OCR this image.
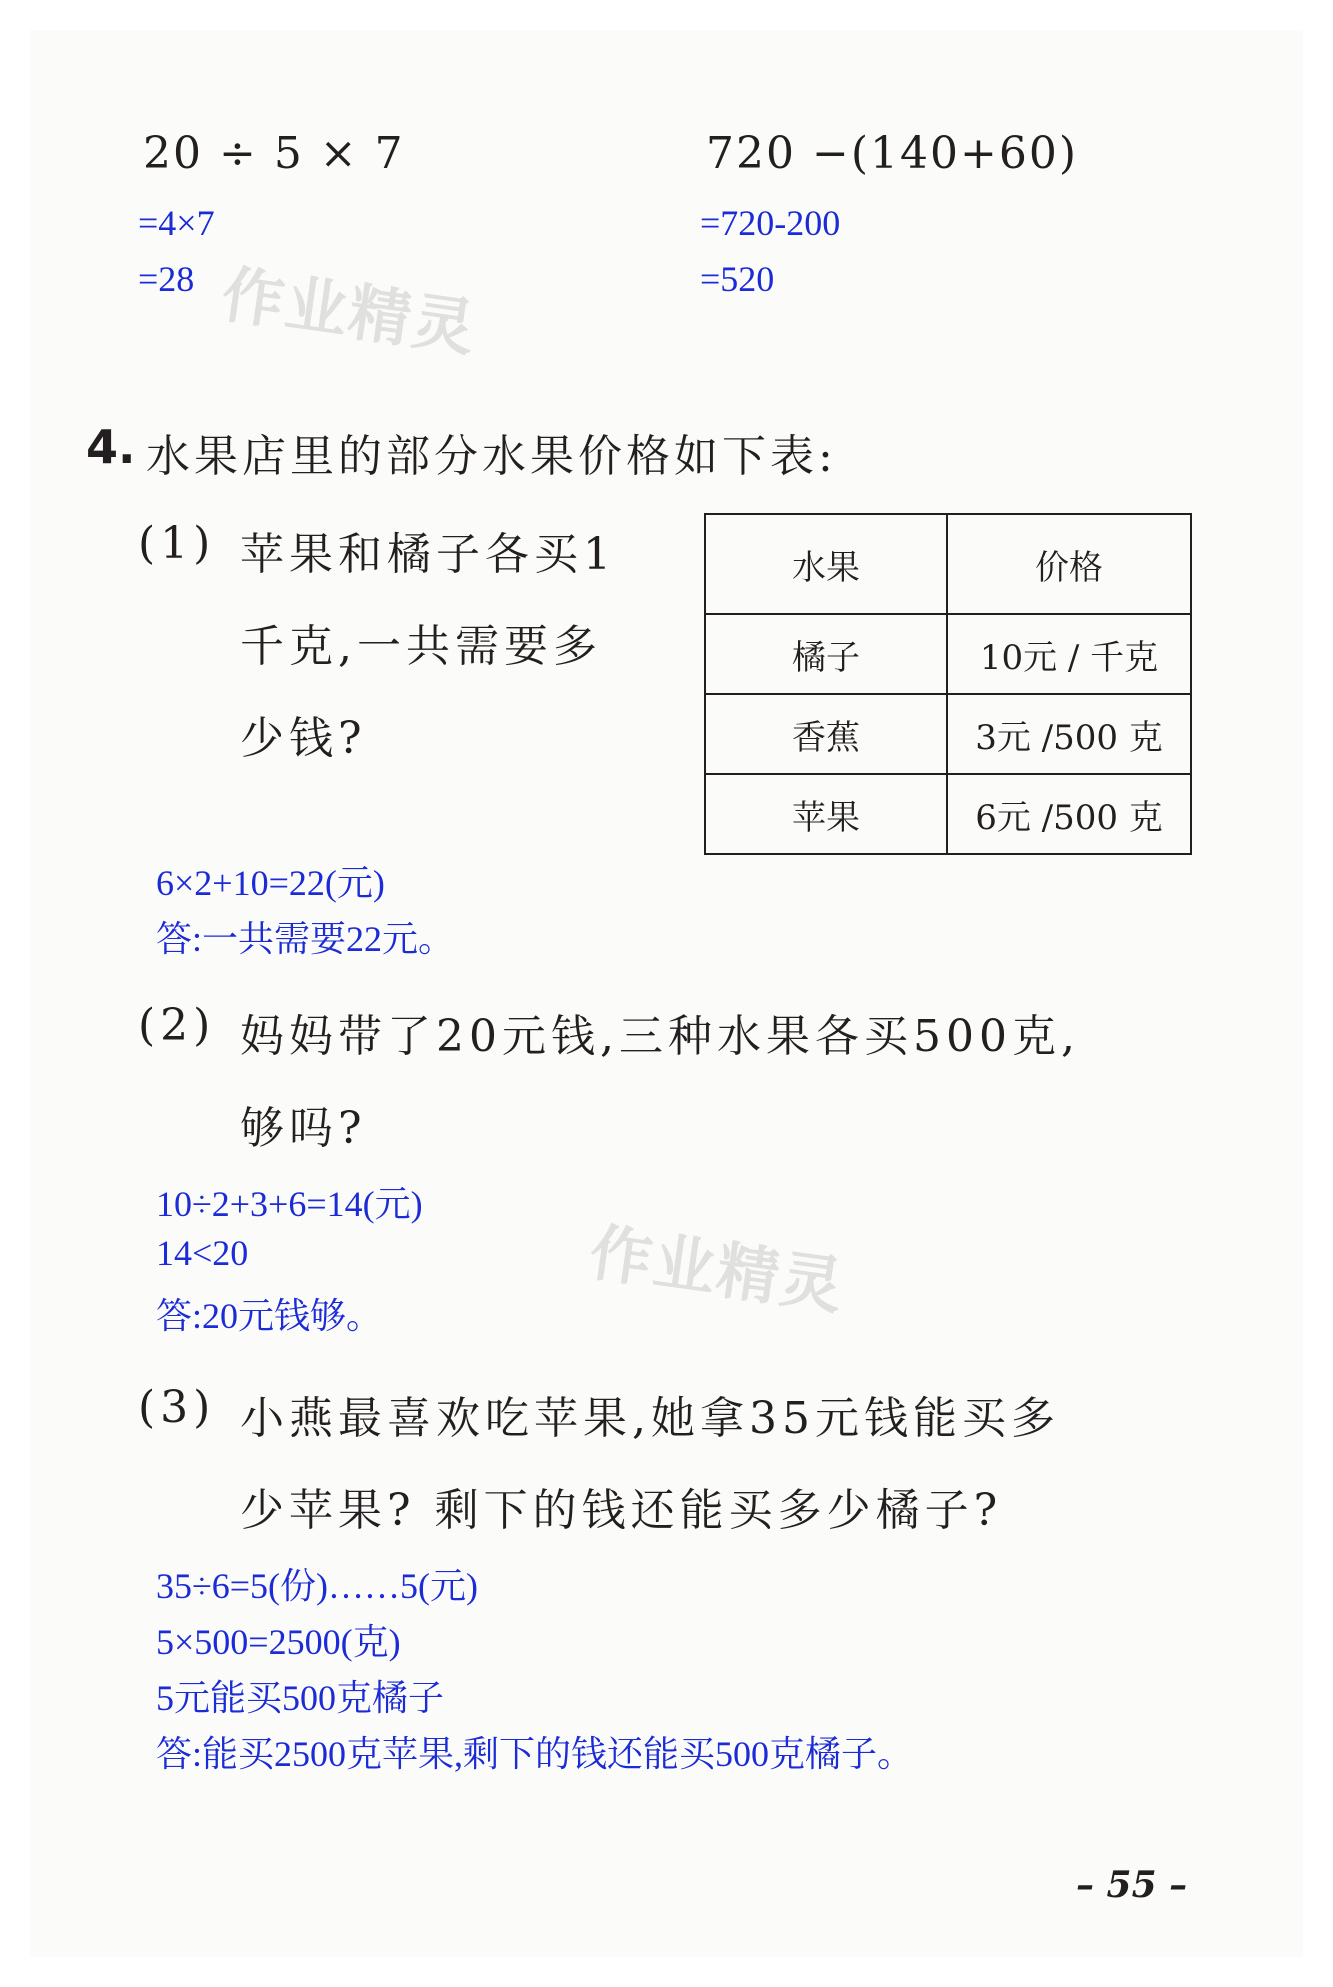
20 ÷ 5 × 7
=4×7
=28
720 −(140+60)
=720-200
=520
作业精灵
4. 水果店里的部分水果价格如下表:
(1) 苹果和橘子各买1
千克,一共需要多
少钱?
水果	价格
橘子	10元 / 千克
香蕉	3元 /500 克
苹果	6元 /500 克
6×2+10=22(元)
答:一共需要22元。
(2) 妈妈带了20元钱,三种水果各买500克,
够吗?
10÷2+3+6=14(元)
14<20
答:20元钱够。	作业精灵
(3) 小燕最喜欢吃苹果,她拿35元钱能买多
少苹果? 剩下的钱还能买多少橘子?
35÷6=5(份)……5(元)
5×500=2500(克)
5元能买500克橘子
答:能买2500克苹果,剩下的钱还能买500克橘子。
– 55 –
